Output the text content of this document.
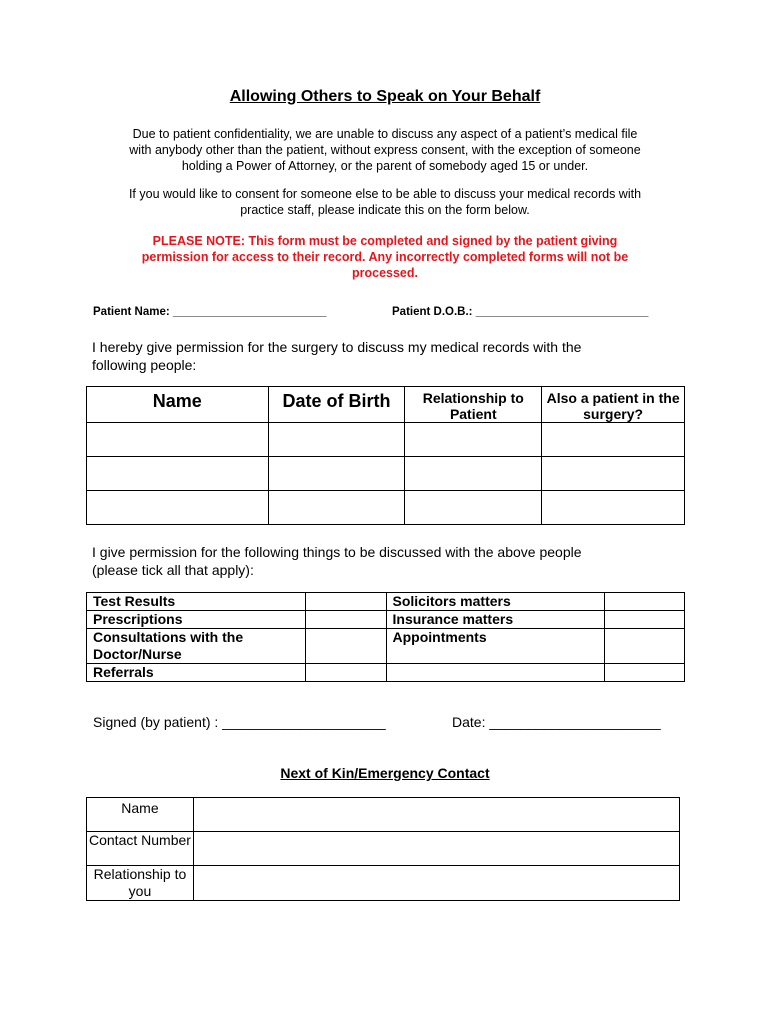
Allowing Others to Speak on Your Behalf
Due to patient confidentiality, we are unable to discuss any aspect of a patient’s medical file
with anybody other than the patient, without express consent, with the exception of someone
holding a Power of Attorney, or the parent of somebody aged 15 or under.
If you would like to consent for someone else to be able to discuss your medical records with
practice staff, please indicate this on the form below.
PLEASE NOTE: This form must be completed and signed by the patient giving
permission for access to their record. Any incorrectly completed forms will not be
processed.
Patient Name: ________________________	Patient D.O.B.: ___________________________
I hereby give permission for the surgery to discuss my medical records with the
following people:
Name	Date of Birth	Relationship to Patient	Also a patient in the surgery?

I give permission for the following things to be discussed with the above people
(please tick all that apply):
Test Results		Solicitors matters	
Prescriptions		Insurance matters	
Consultations with the Doctor/Nurse		Appointments	
Referrals			
Signed (by patient) : _____________________	Date: ______________________
Next of Kin/Emergency Contact
Name	
Contact Number	
Relationship to you	
